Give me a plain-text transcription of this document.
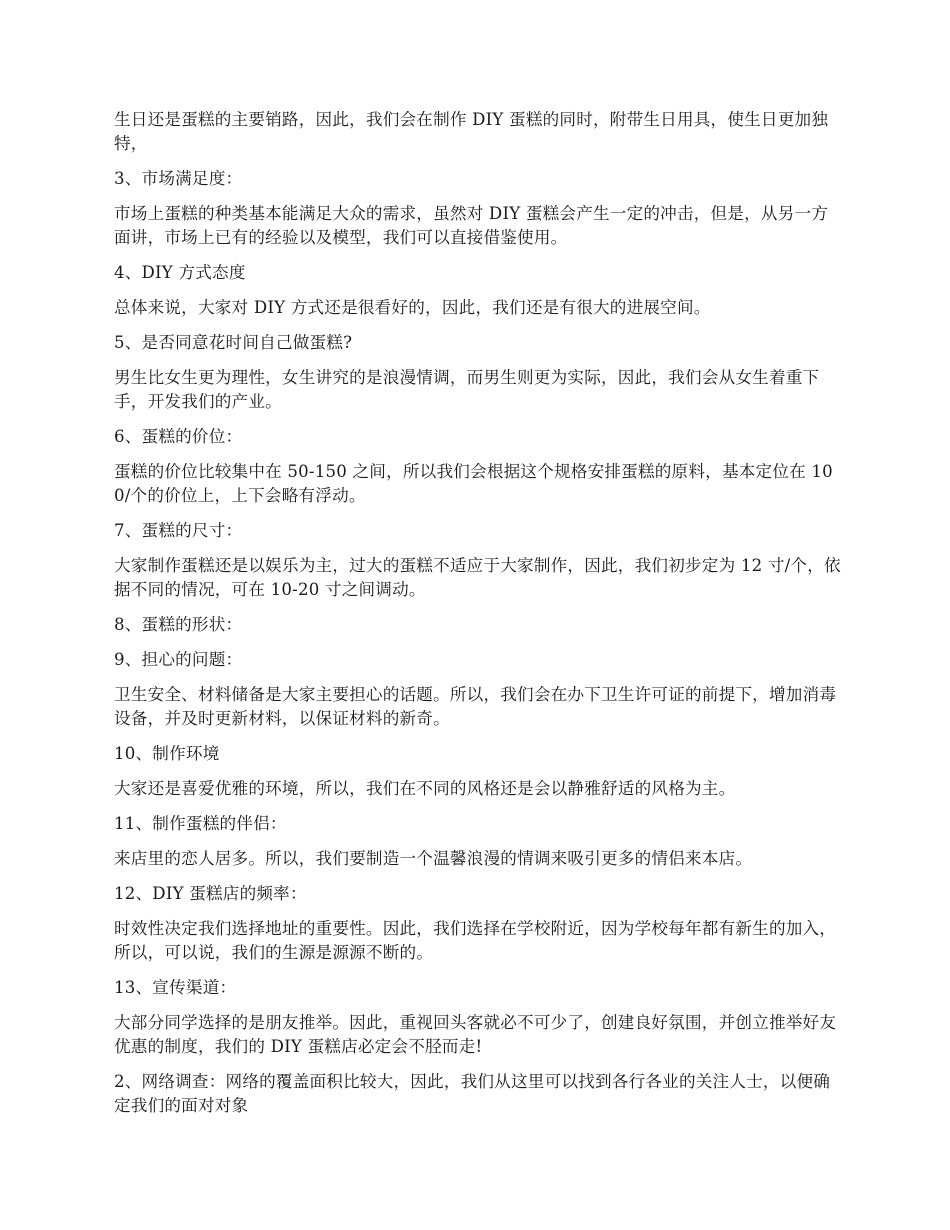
生日还是蛋糕的主要销路，因此，我们会在制作 DIY 蛋糕的同时，附带生日用具，使生日更加独特，

3、市场满足度：

市场上蛋糕的种类基本能满足大众的需求，虽然对 DIY 蛋糕会产生一定的冲击，但是，从另一方面讲，市场上已有的经验以及模型，我们可以直接借鉴使用。

4、DIY 方式态度

总体来说，大家对 DIY 方式还是很看好的，因此，我们还是有很大的进展空间。

5、是否同意花时间自己做蛋糕?

男生比女生更为理性，女生讲究的是浪漫情调，而男生则更为实际，因此，我们会从女生着重下手，开发我们的产业。

6、蛋糕的价位：

蛋糕的价位比较集中在 50-150 之间，所以我们会根据这个规格安排蛋糕的原料，基本定位在 100/个的价位上，上下会略有浮动。

7、蛋糕的尺寸：

大家制作蛋糕还是以娱乐为主，过大的蛋糕不适应于大家制作，因此，我们初步定为 12 寸/个，依据不同的情况，可在 10-20 寸之间调动。

8、蛋糕的形状：

9、担心的问题：

卫生安全、材料储备是大家主要担心的话题。所以，我们会在办下卫生许可证的前提下，增加消毒设备，并及时更新材料，以保证材料的新奇。

10、制作环境

大家还是喜爱优雅的环境，所以，我们在不同的风格还是会以静雅舒适的风格为主。

11、制作蛋糕的伴侣：

来店里的恋人居多。所以，我们要制造一个温馨浪漫的情调来吸引更多的情侣来本店。

12、DIY 蛋糕店的频率：

时效性决定我们选择地址的重要性。因此，我们选择在学校附近，因为学校每年都有新生的加入，所以，可以说，我们的生源是源源不断的。

13、宣传渠道：

大部分同学选择的是朋友推举。因此，重视回头客就必不可少了，创建良好氛围，并创立推举好友优惠的制度，我们的 DIY 蛋糕店必定会不胫而走!

2、网络调查：网络的覆盖面积比较大，因此，我们从这里可以找到各行各业的关注人士，以便确定我们的面对对象
